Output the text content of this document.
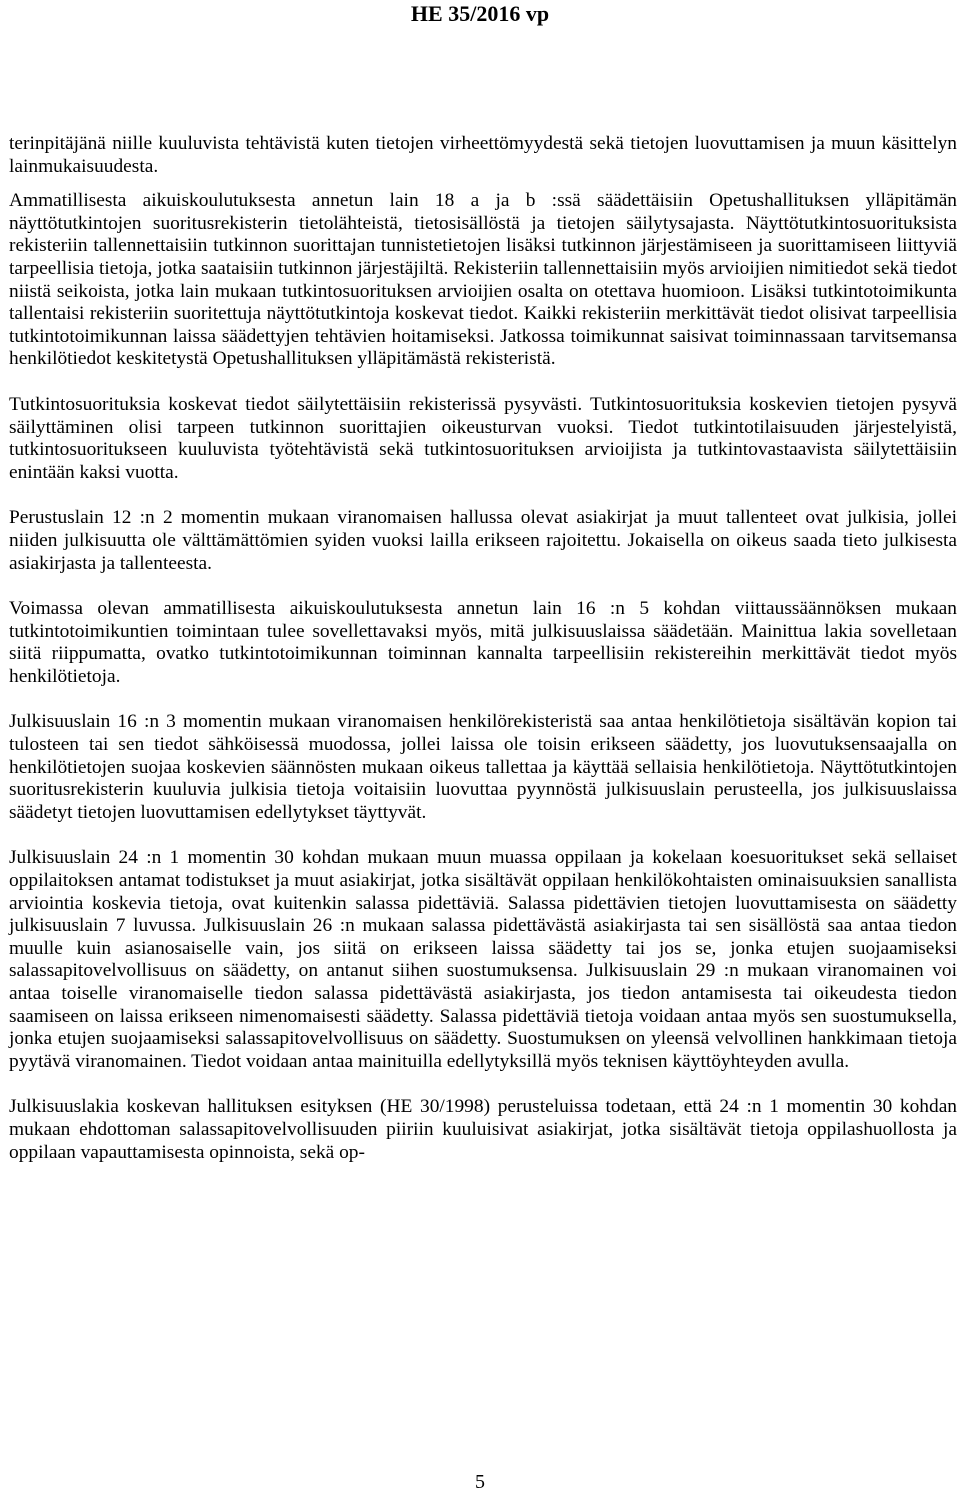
HE 35/2016 vp

terinpitäjänä niille kuuluvista tehtävistä kuten tietojen virheettömyydestä sekä tietojen luovuttamisen ja muun käsittelyn lainmukaisuudesta.

Ammatillisesta aikuiskoulutuksesta annetun lain 18 a ja b :ssä säädettäisiin Opetushallituksen ylläpitämän näyttötutkintojen suoritusrekisterin tietolähteistä, tietosisällöstä ja tietojen säilytysajasta. Näyttötutkintosuorituksista rekisteriin tallennettaisiin tutkinnon suorittajan tunnistetietojen lisäksi tutkinnon järjestämiseen ja suorittamiseen liittyviä tarpeellisia tietoja, jotka saataisiin tutkinnon järjestäjiltä. Rekisteriin tallennettaisiin myös arvioijien nimitiedot sekä tiedot niistä seikoista, jotka lain mukaan tutkintosuorituksen arvioijien osalta on otettava huomioon. Lisäksi tutkintotoimikunta tallentaisi rekisteriin suoritettuja näyttötutkintoja koskevat tiedot. Kaikki rekisteriin merkittävät tiedot olisivat tarpeellisia tutkintotoimikunnan laissa säädettyjen tehtävien hoitamiseksi. Jatkossa toimikunnat saisivat toiminnassaan tarvitsemansa henkilötiedot keskitetystä Opetushallituksen ylläpitämästä rekisteristä.

Tutkintosuorituksia koskevat tiedot säilytettäisiin rekisterissä pysyvästi. Tutkintosuorituksia koskevien tietojen pysyvä säilyttäminen olisi tarpeen tutkinnon suorittajien oikeusturvan vuoksi. Tiedot tutkintotilaisuuden järjestelyistä, tutkintosuoritukseen kuuluvista työtehtävistä sekä tutkintosuorituksen arvioijista ja tutkintovastaavista säilytettäisiin enintään kaksi vuotta.

Perustuslain 12 :n 2 momentin mukaan viranomaisen hallussa olevat asiakirjat ja muut tallenteet ovat julkisia, jollei niiden julkisuutta ole välttämättömien syiden vuoksi lailla erikseen rajoitettu. Jokaisella on oikeus saada tieto julkisesta asiakirjasta ja tallenteesta.

Voimassa olevan ammatillisesta aikuiskoulutuksesta annetun lain 16 :n 5 kohdan viittaussäännöksen mukaan tutkintotoimikuntien toimintaan tulee sovellettavaksi myös, mitä julkisuuslaissa säädetään. Mainittua lakia sovelletaan siitä riippumatta, ovatko tutkintotoimikunnan toiminnan kannalta tarpeellisiin rekistereihin merkittävät tiedot myös henkilötietoja.

Julkisuuslain 16 :n 3 momentin mukaan viranomaisen henkilörekisteristä saa antaa henkilötietoja sisältävän kopion tai tulosteen tai sen tiedot sähköisessä muodossa, jollei laissa ole toisin erikseen säädetty, jos luovutuksensaajalla on henkilötietojen suojaa koskevien säännösten mukaan oikeus tallettaa ja käyttää sellaisia henkilötietoja. Näyttötutkintojen suoritusrekisterin kuuluvia julkisia tietoja voitaisiin luovuttaa pyynnöstä julkisuuslain perusteella, jos julkisuuslaissa säädetyt tietojen luovuttamisen edellytykset täyttyvät.

Julkisuuslain 24 :n 1 momentin 30 kohdan mukaan muun muassa oppilaan ja kokelaan koesuoritukset sekä sellaiset oppilaitoksen antamat todistukset ja muut asiakirjat, jotka sisältävät oppilaan henkilökohtaisten ominaisuuksien sanallista arviointia koskevia tietoja, ovat kuitenkin salassa pidettäviä. Salassa pidettävien tietojen luovuttamisesta on säädetty julkisuuslain 7 luvussa. Julkisuuslain 26 :n mukaan salassa pidettävästä asiakirjasta tai sen sisällöstä saa antaa tiedon muulle kuin asianosaiselle vain, jos siitä on erikseen laissa säädetty tai jos se, jonka etujen suojaamiseksi salassapitovelvollisuus on säädetty, on antanut siihen suostumuksensa. Julkisuuslain 29 :n mukaan viranomainen voi antaa toiselle viranomaiselle tiedon salassa pidettävästä asiakirjasta, jos tiedon antamisesta tai oikeudesta tiedon saamiseen on laissa erikseen nimenomaisesti säädetty. Salassa pidettäviä tietoja voidaan antaa myös sen suostumuksella, jonka etujen suojaamiseksi salassapitovelvollisuus on säädetty. Suostumuksen on yleensä velvollinen hankkimaan tietoja pyytävä viranomainen. Tiedot voidaan antaa mainituilla edellytyksillä myös teknisen käyttöyhteyden avulla.

Julkisuuslakia koskevan hallituksen esityksen (HE 30/1998) perusteluissa todetaan, että 24 :n 1 momentin 30 kohdan mukaan ehdottoman salassapitovelvollisuuden piiriin kuuluisivat asiakirjat, jotka sisältävät tietoja oppilashuollosta ja oppilaan vapauttamisesta opinnoista, sekä op-

5
